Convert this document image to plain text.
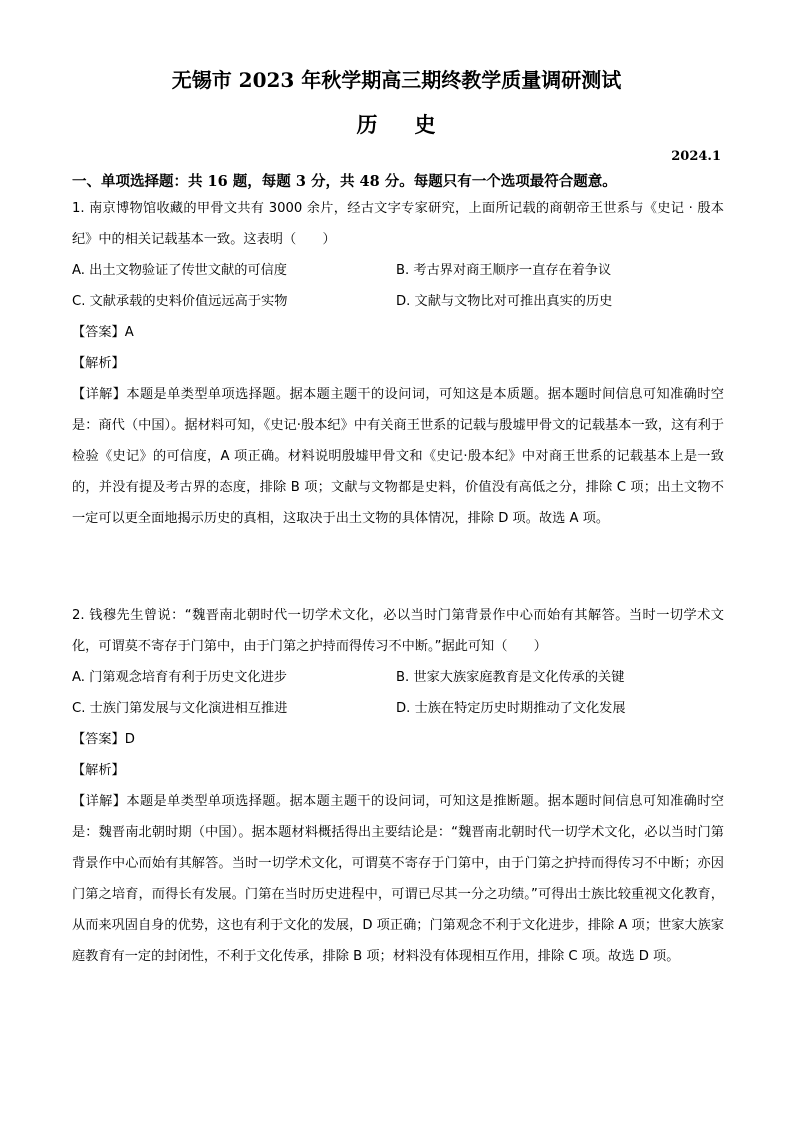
无锡市 2023 年秋学期高三期终教学质量调研测试
历 史
2024.1
一、单项选择题：共 16 题，每题 3 分，共 48 分。每题只有一个选项最符合题意。

1. 南京博物馆收藏的甲骨文共有 3000 余片，经古文字专家研究，上面所记载的商朝帝王世系与《史记 · 殷本纪》中的相关记载基本一致。这表明（　　）

A. 出土文物验证了传世文献的可信度	B. 考古界对商王顺序一直存在着争议
C. 文献承载的史料价值远远高于实物	D. 文献与文物比对可推出真实的历史

【答案】A

【解析】

【详解】本题是单类型单项选择题。据本题主题干的设问词，可知这是本质题。据本题时间信息可知准确时空是：商代（中国）。据材料可知，《史记·殷本纪》中有关商王世系的记载与殷墟甲骨文的记载基本一致，这有利于检验《史记》的可信度，A 项正确。材料说明殷墟甲骨文和《史记·殷本纪》中对商王世系的记载基本上是一致的，并没有提及考古界的态度，排除 B 项；文献与文物都是史料，价值没有高低之分，排除 C 项；出土文物不一定可以更全面地揭示历史的真相，这取决于出土文物的具体情况，排除 D 项。故选 A 项。

2. 钱穆先生曾说：“魏晋南北朝时代一切学术文化，必以当时门第背景作中心而始有其解答。当时一切学术文化，可谓莫不寄存于门第中，由于门第之护持而得传习不中断。”据此可知（　　）

A. 门第观念培育有利于历史文化进步	B. 世家大族家庭教育是文化传承的关键
C. 士族门第发展与文化演进相互推进	D. 士族在特定历史时期推动了文化发展

【答案】D

【解析】

【详解】本题是单类型单项选择题。据本题主题干的设问词，可知这是推断题。据本题时间信息可知准确时空是：魏晋南北朝时期（中国）。据本题材料概括得出主要结论是：“魏晋南北朝时代一切学术文化，必以当时门第背景作中心而始有其解答。当时一切学术文化，可谓莫不寄存于门第中，由于门第之护持而得传习不中断；亦因门第之培育，而得长有发展。门第在当时历史进程中，可谓已尽其一分之功绩。”可得出士族比较重视文化教育，从而来巩固自身的优势，这也有利于文化的发展，D 项正确；门第观念不利于文化进步，排除 A 项；世家大族家庭教育有一定的封闭性，不利于文化传承，排除 B 项；材料没有体现相互作用，排除 C 项。故选 D 项。
